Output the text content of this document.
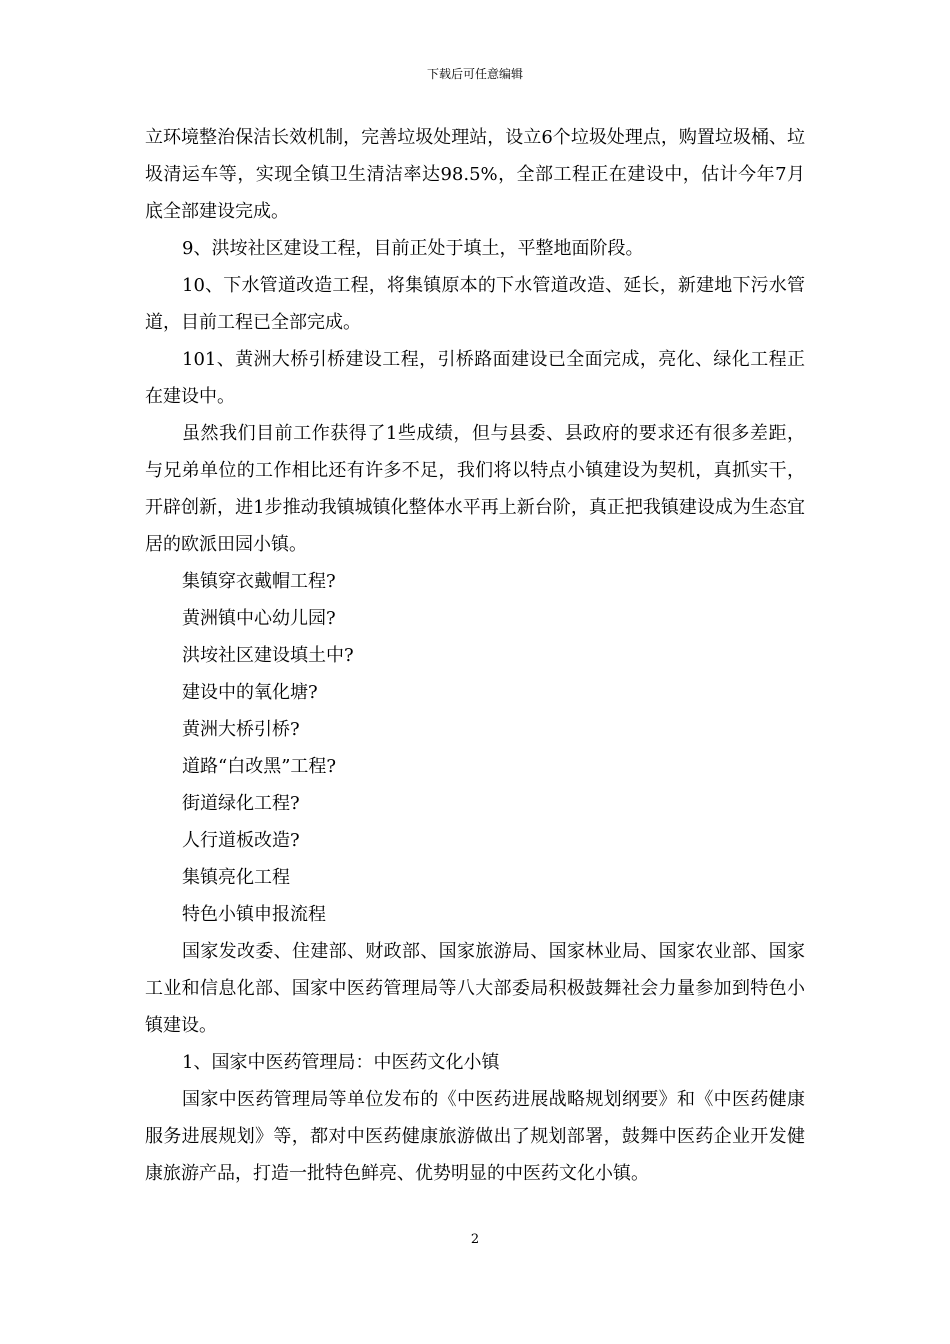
下载后可任意编辑

立环境整治保洁长效机制，完善垃圾处理站，设立6个垃圾处理点，购置垃圾桶、垃圾清运车等，实现全镇卫生清洁率达98.5%，全部工程正在建设中，估计今年7月底全部建设完成。

9、洪垵社区建设工程，目前正处于填土，平整地面阶段。

10、下水管道改造工程，将集镇原本的下水管道改造、延长，新建地下污水管道，目前工程已全部完成。

101、黄洲大桥引桥建设工程，引桥路面建设已全面完成，亮化、绿化工程正在建设中。

虽然我们目前工作获得了1些成绩，但与县委、县政府的要求还有很多差距，与兄弟单位的工作相比还有许多不足，我们将以特点小镇建设为契机，真抓实干，开辟创新，进1步推动我镇城镇化整体水平再上新台阶，真正把我镇建设成为生态宜居的欧派田园小镇。

集镇穿衣戴帽工程?

黄洲镇中心幼儿园?

洪垵社区建设填土中?

建设中的氧化塘?

黄洲大桥引桥?

道路“白改黑”工程?

街道绿化工程?

人行道板改造?

集镇亮化工程

特色小镇申报流程

国家发改委、住建部、财政部、国家旅游局、国家林业局、国家农业部、国家工业和信息化部、国家中医药管理局等八大部委局积极鼓舞社会力量参加到特色小镇建设。

1、国家中医药管理局：中医药文化小镇

国家中医药管理局等单位发布的《中医药进展战略规划纲要》和《中医药健康服务进展规划》等，都对中医药健康旅游做出了规划部署，鼓舞中医药企业开发健康旅游产品，打造一批特色鲜亮、优势明显的中医药文化小镇。

2
